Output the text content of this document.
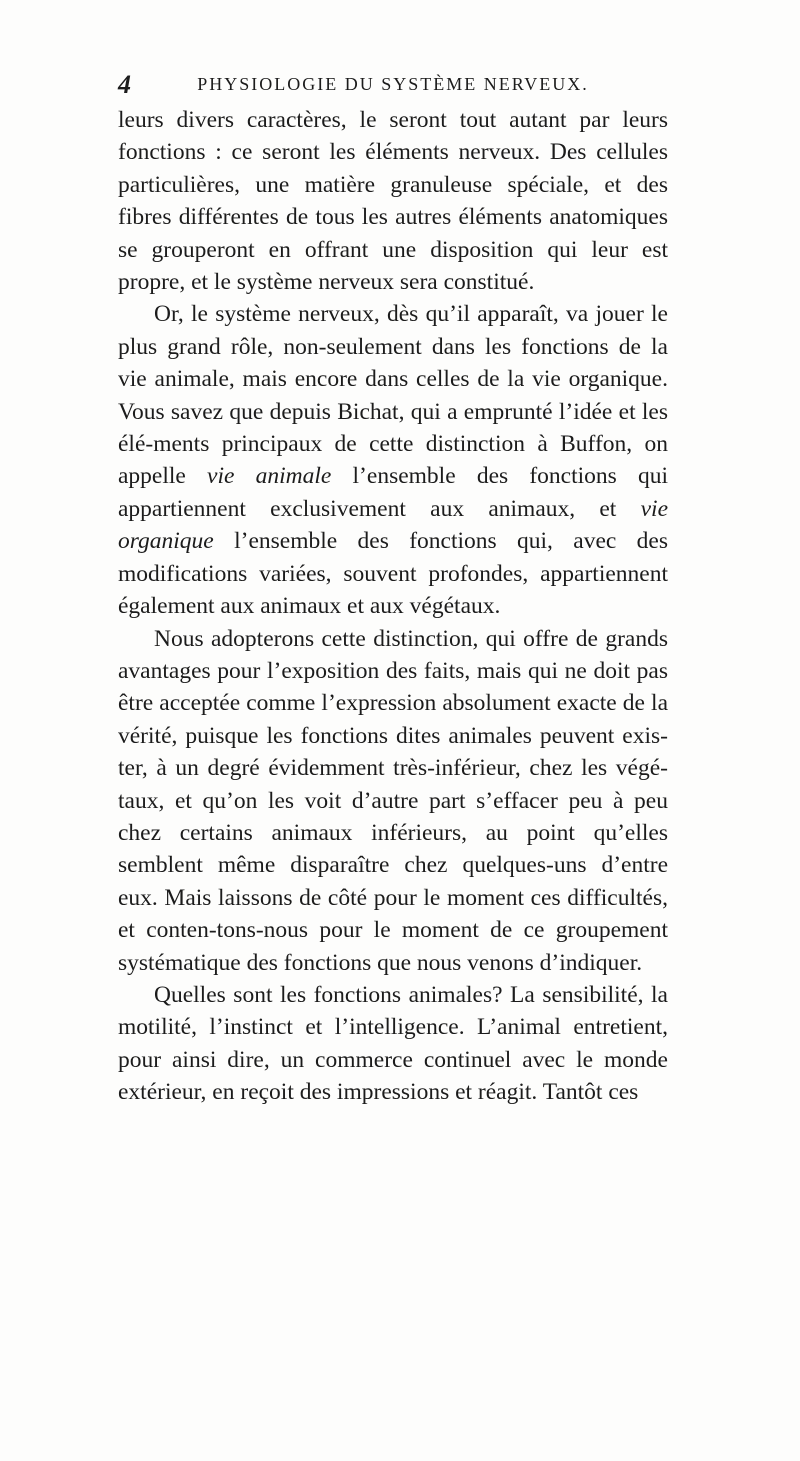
4	PHYSIOLOGIE DU SYSTÈME NERVEUX.

leurs divers caractères, le seront tout autant par leurs fonctions : ce seront les éléments nerveux. Des cellules particulières, une matière granuleuse spéciale, et des fibres différentes de tous les autres éléments anatomiques se grouperont en offrant une disposition qui leur est propre, et le système nerveux sera constitué.

Or, le système nerveux, dès qu’il apparaît, va jouer le plus grand rôle, non-seulement dans les fonctions de la vie animale, mais encore dans celles de la vie organique. Vous savez que depuis Bichat, qui a emprunté l’idée et les élé-ments principaux de cette distinction à Buffon, on appelle vie animale l’ensemble des fonctions qui appartiennent exclusivement aux animaux, et vie organique l’ensemble des fonctions qui, avec des modifications variées, souvent profondes, appartiennent également aux animaux et aux végétaux.

Nous adopterons cette distinction, qui offre de grands avantages pour l’exposition des faits, mais qui ne doit pas être acceptée comme l’expression absolument exacte de la vérité, puisque les fonctions dites animales peuvent exis-ter, à un degré évidemment très-inférieur, chez les végé-taux, et qu’on les voit d’autre part s’effacer peu à peu chez certains animaux inférieurs, au point qu’elles semblent même disparaître chez quelques-uns d’entre eux. Mais laissons de côté pour le moment ces difficultés, et conten-tons-nous pour le moment de ce groupement systématique des fonctions que nous venons d’indiquer.

Quelles sont les fonctions animales? La sensibilité, la motilité, l’instinct et l’intelligence. L’animal entretient, pour ainsi dire, un commerce continuel avec le monde extérieur, en reçoit des impressions et réagit. Tantôt ces
